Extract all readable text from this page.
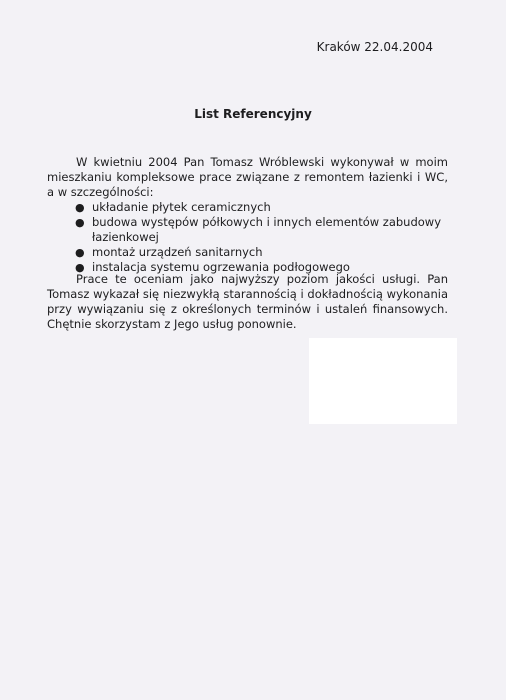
Kraków 22.04.2004
List Referencyjny
W kwietniu 2004 Pan Tomasz Wróblewski wykonywał w moim mieszkaniu kompleksowe prace związane z remontem łazienki i WC, a w szczególności:
● układanie płytek ceramicznych
● budowa występów półkowych i innych elementów zabudowy łazienkowej
● montaż urządzeń sanitarnych
● instalacja systemu ogrzewania podłogowego
Prace te oceniam jako najwyższy poziom jakości usługi. Pan Tomasz wykazał się niezwykłą starannością i dokładnością wykonania przy wywiązaniu się z określonych terminów i ustaleń finansowych. Chętnie skorzystam z Jego usług ponownie.
